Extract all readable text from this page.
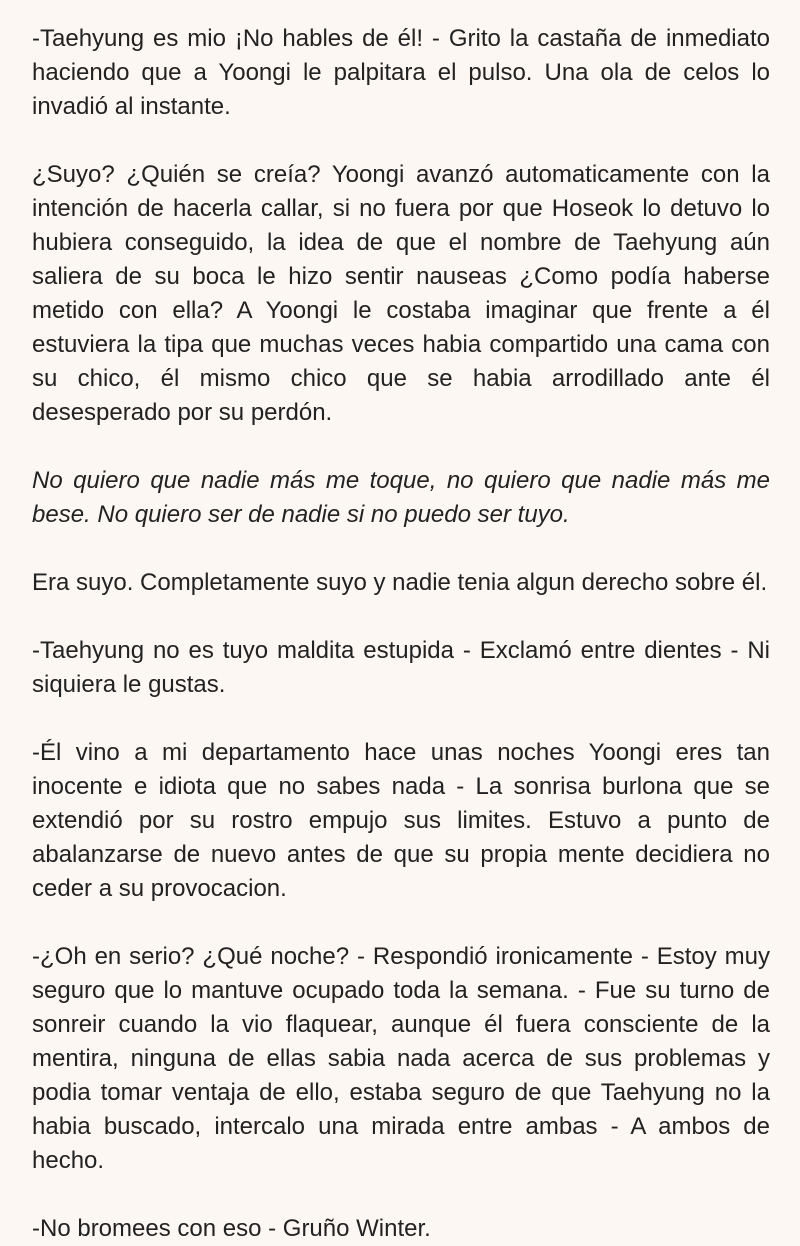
-Taehyung es mio ¡No hables de él! - Grito la castaña de inmediato haciendo que a Yoongi le palpitara el pulso. Una ola de celos lo invadió al instante.

¿Suyo? ¿Quién se creía? Yoongi avanzó automaticamente con la intención de hacerla callar, si no fuera por que Hoseok lo detuvo lo hubiera conseguido, la idea de que el nombre de Taehyung aún saliera de su boca le hizo sentir nauseas ¿Como podía haberse metido con ella? A Yoongi le costaba imaginar que frente a él estuviera la tipa que muchas veces habia compartido una cama con su chico, él mismo chico que se habia arrodillado ante él desesperado por su perdón.

No quiero que nadie más me toque, no quiero que nadie más me bese. No quiero ser de nadie si no puedo ser tuyo.

Era suyo. Completamente suyo y nadie tenia algun derecho sobre él.

-Taehyung no es tuyo maldita estupida - Exclamó entre dientes - Ni siquiera le gustas.

-Él vino a mi departamento hace unas noches Yoongi eres tan inocente e idiota que no sabes nada - La sonrisa burlona que se extendió por su rostro empujo sus limites. Estuvo a punto de abalanzarse de nuevo antes de que su propia mente decidiera no ceder a su provocacion.

-¿Oh en serio? ¿Qué noche? - Respondió ironicamente - Estoy muy seguro que lo mantuve ocupado toda la semana. - Fue su turno de sonreir cuando la vio flaquear, aunque él fuera consciente de la mentira, ninguna de ellas sabia nada acerca de sus problemas y podia tomar ventaja de ello, estaba seguro de que Taehyung no la habia buscado, intercalo una mirada entre ambas - A ambos de hecho.

-No bromees con eso - Gruño Winter.
